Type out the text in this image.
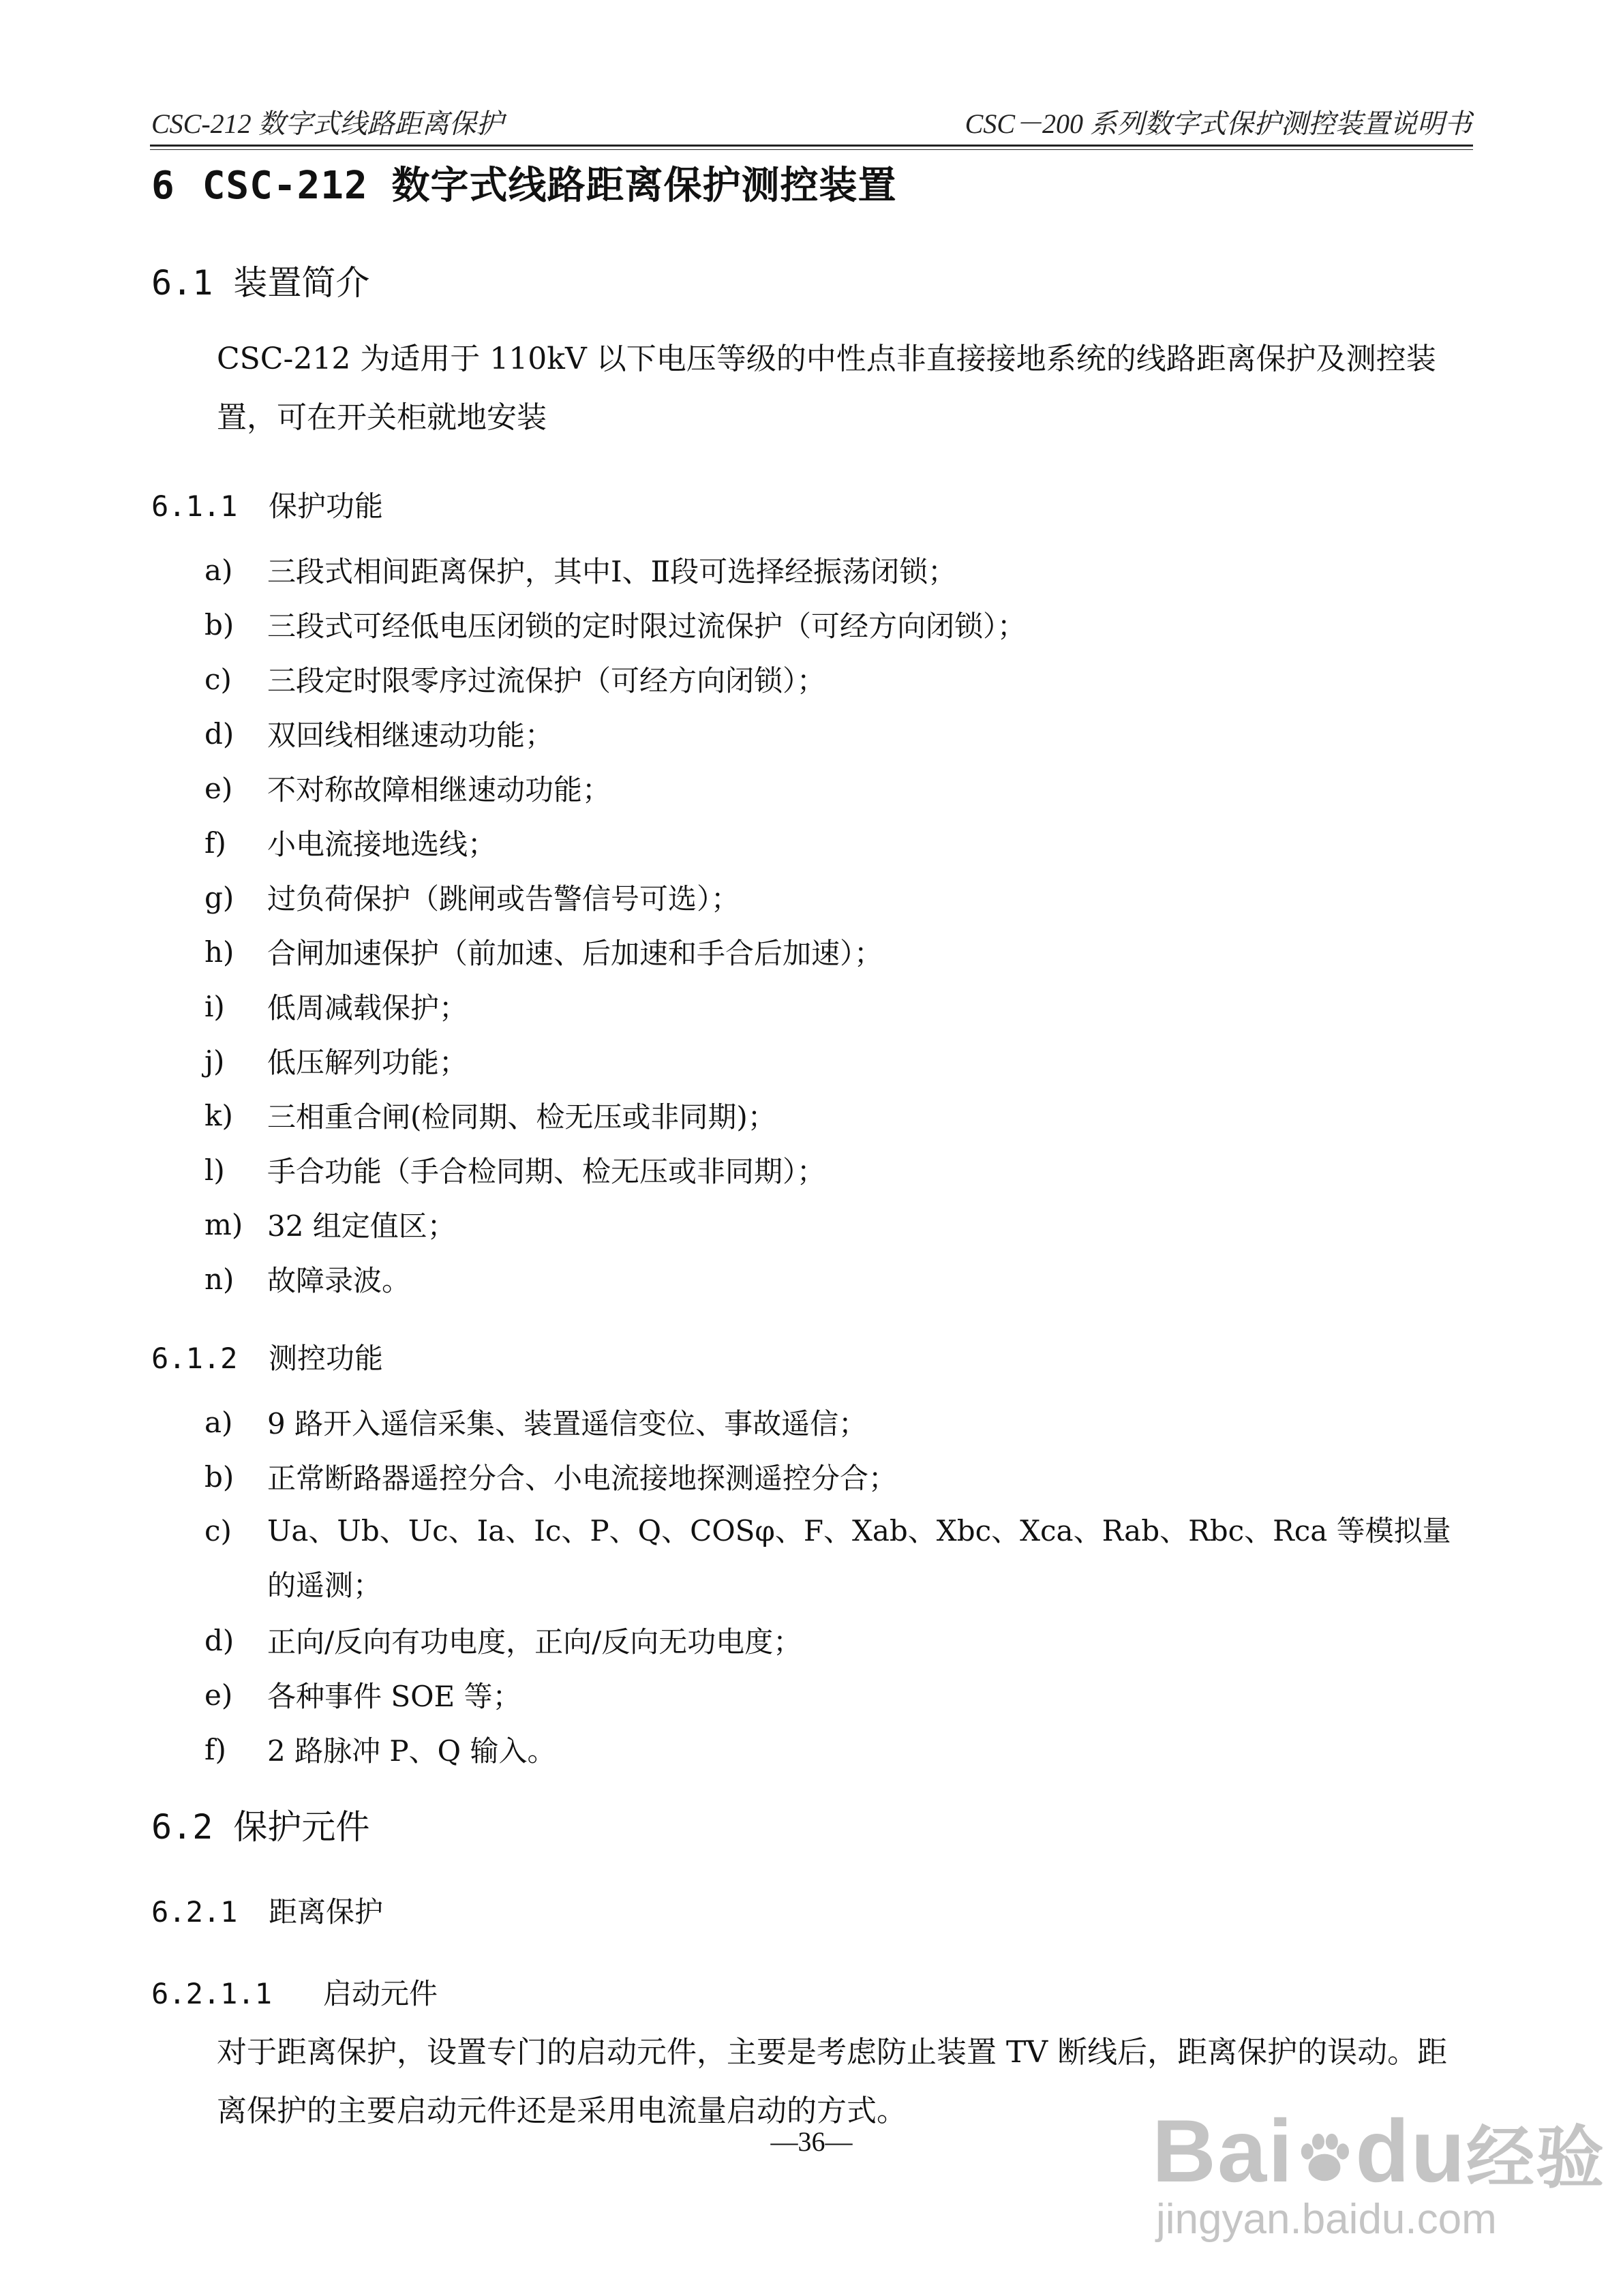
CSC-212 数字式线路距离保护	CSC－200 系列数字式保护测控装置说明书
6 CSC-212 数字式线路距离保护测控装置
6.1 装置简介
CSC-212 为适用于 110kV 以下电压等级的中性点非直接接地系统的线路距离保护及测控装置，可在开关柜就地安装
6.1.1 保护功能
a)	三段式相间距离保护，其中Ⅰ、Ⅱ段可选择经振荡闭锁；
b)	三段式可经低电压闭锁的定时限过流保护（可经方向闭锁）；
c)	三段定时限零序过流保护（可经方向闭锁）；
d)	双回线相继速动功能；
e)	不对称故障相继速动功能；
f)	小电流接地选线；
g)	过负荷保护（跳闸或告警信号可选）；
h)	合闸加速保护（前加速、后加速和手合后加速）；
i)	低周减载保护；
j)	低压解列功能；
k)	三相重合闸(检同期、检无压或非同期)；
l)	手合功能（手合检同期、检无压或非同期）；
m) 32 组定值区；
n)	故障录波。
6.1.2 测控功能
a)	9 路开入遥信采集、装置遥信变位、事故遥信；
b)	正常断路器遥控分合、小电流接地探测遥控分合；
c)	Ua、Ub、Uc、Ia、Ic、P、Q、COSφ、F、Xab、Xbc、Xca、Rab、Rbc、Rca 等模拟量的遥测；
d)	正向/反向有功电度，正向/反向无功电度；
e)	各种事件 SOE 等；
f)	2 路脉冲 P、Q 输入。
6.2 保护元件
6.2.1 距离保护
6.2.1.1 启动元件
对于距离保护，设置专门的启动元件，主要是考虑防止装置 TV 断线后，距离保护的误动。距离保护的主要启动元件还是采用电流量启动的方式。
—36—	Bai du经验
jingyan.baidu.com
